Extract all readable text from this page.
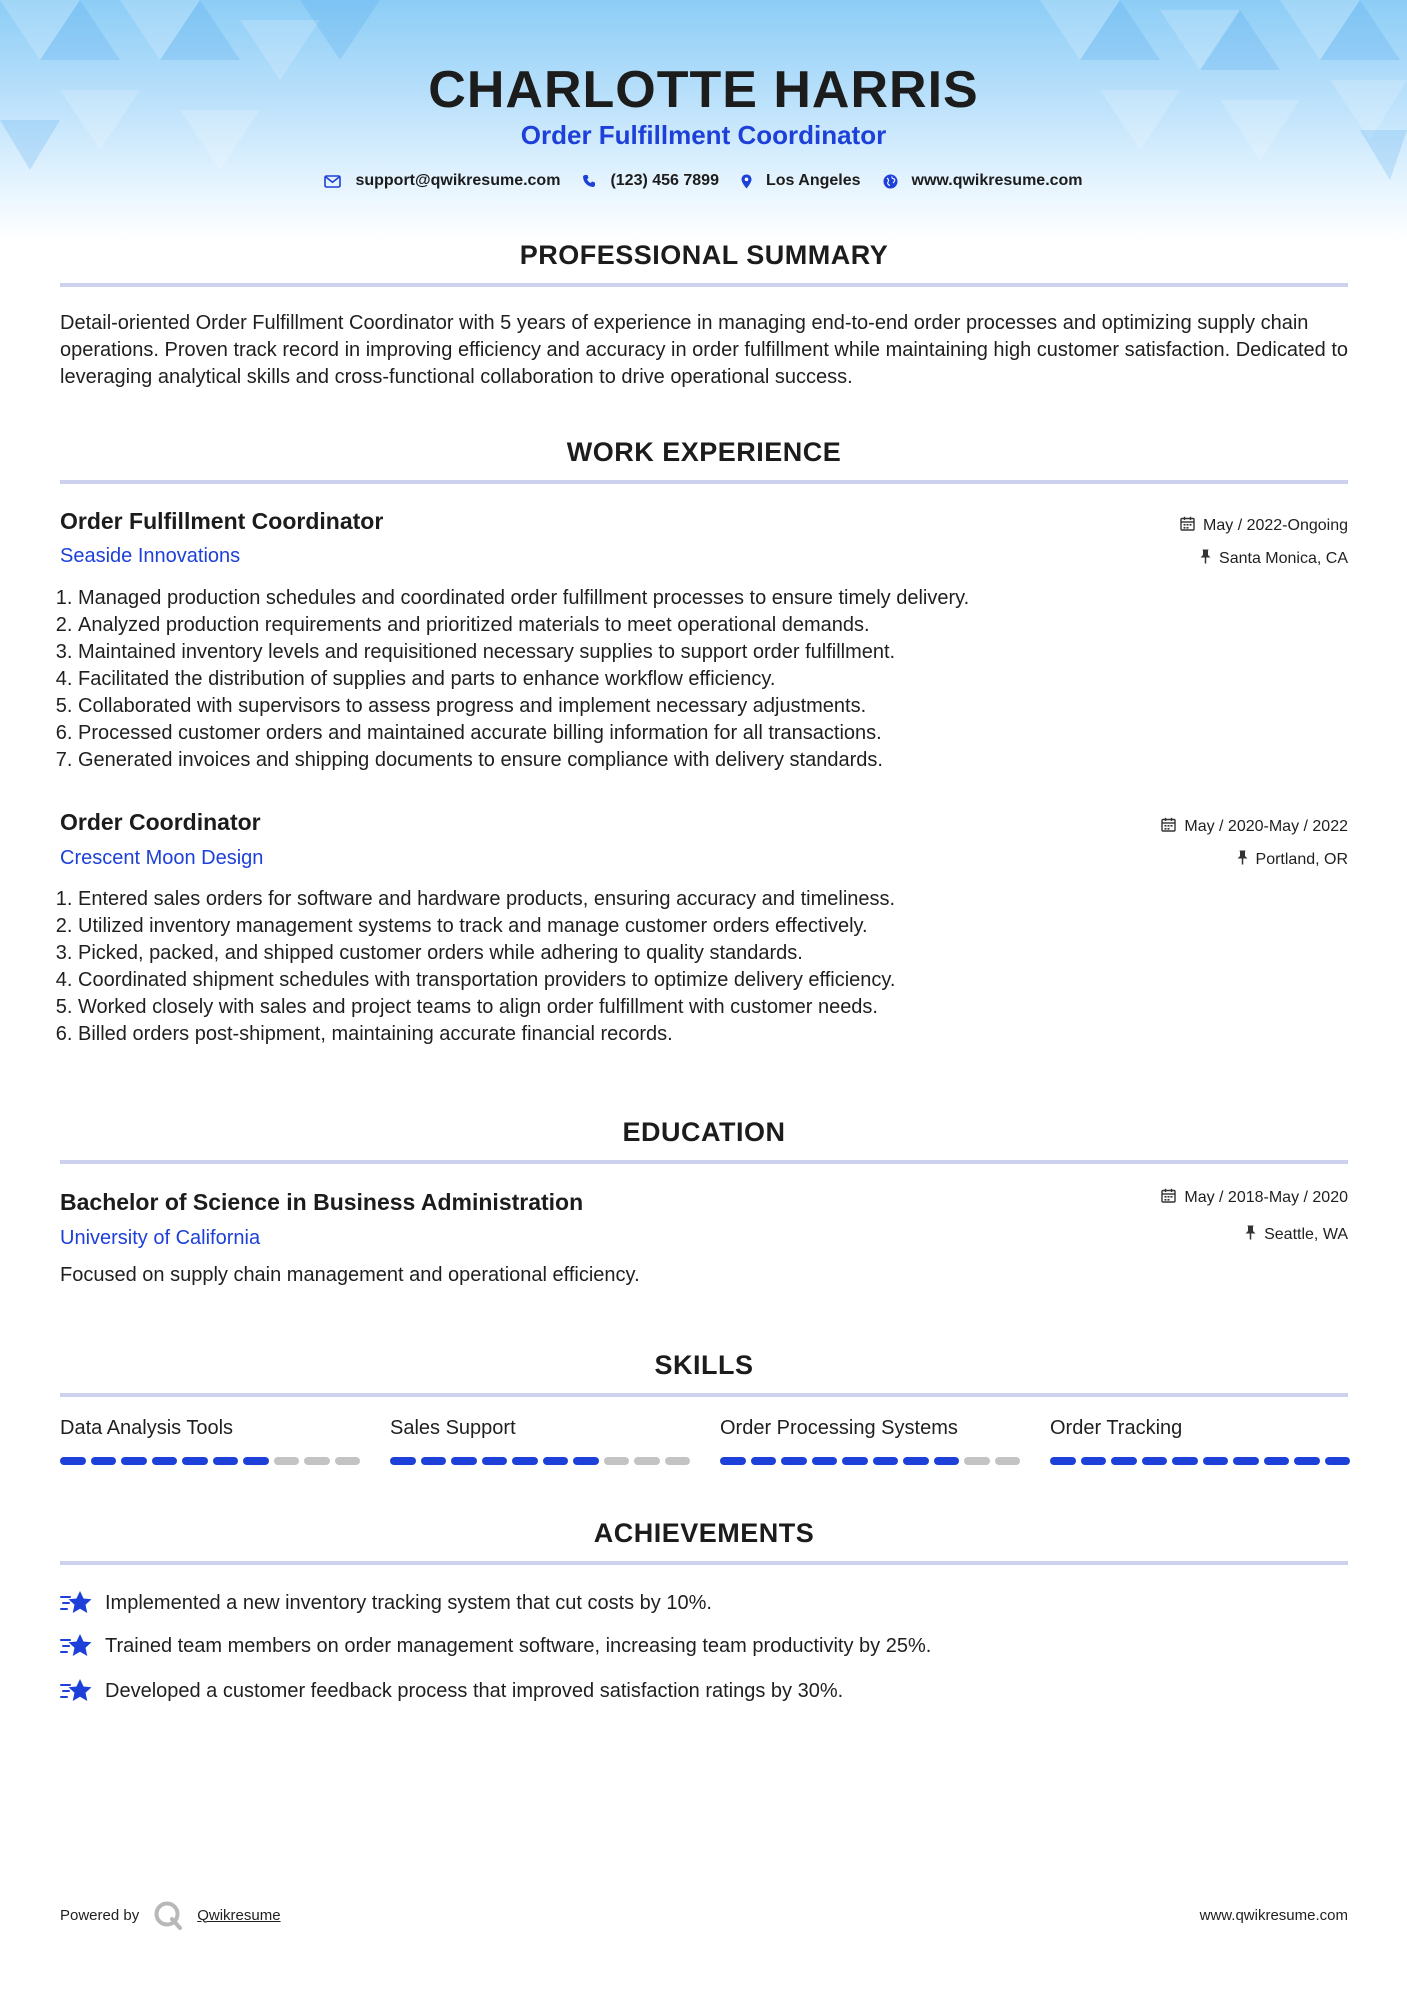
CHARLOTTE HARRIS
Order Fulfillment Coordinator
support@qwikresume.com	(123) 456 7899	Los Angeles	www.qwikresume.com
PROFESSIONAL SUMMARY
Detail-oriented Order Fulfillment Coordinator with 5 years of experience in managing end-to-end order processes and optimizing supply chain operations. Proven track record in improving efficiency and accuracy in order fulfillment while maintaining high customer satisfaction. Dedicated to leveraging analytical skills and cross-functional collaboration to drive operational success.
WORK EXPERIENCE
Order Fulfillment Coordinator
Seaside Innovations
May / 2022-Ongoing
Santa Monica, CA
1. Managed production schedules and coordinated order fulfillment processes to ensure timely delivery.
2. Analyzed production requirements and prioritized materials to meet operational demands.
3. Maintained inventory levels and requisitioned necessary supplies to support order fulfillment.
4. Facilitated the distribution of supplies and parts to enhance workflow efficiency.
5. Collaborated with supervisors to assess progress and implement necessary adjustments.
6. Processed customer orders and maintained accurate billing information for all transactions.
7. Generated invoices and shipping documents to ensure compliance with delivery standards.
Order Coordinator
Crescent Moon Design
May / 2020-May / 2022
Portland, OR
1. Entered sales orders for software and hardware products, ensuring accuracy and timeliness.
2. Utilized inventory management systems to track and manage customer orders effectively.
3. Picked, packed, and shipped customer orders while adhering to quality standards.
4. Coordinated shipment schedules with transportation providers to optimize delivery efficiency.
5. Worked closely with sales and project teams to align order fulfillment with customer needs.
6. Billed orders post-shipment, maintaining accurate financial records.
EDUCATION
Bachelor of Science in Business Administration
University of California
May / 2018-May / 2020
Seattle, WA
Focused on supply chain management and operational efficiency.
SKILLS
Data Analysis Tools	Sales Support	Order Processing Systems	Order Tracking
ACHIEVEMENTS
Implemented a new inventory tracking system that cut costs by 10%.
Trained team members on order management software, increasing team productivity by 25%.
Developed a customer feedback process that improved satisfaction ratings by 30%.
Powered by	Qwikresume	www.qwikresume.com
